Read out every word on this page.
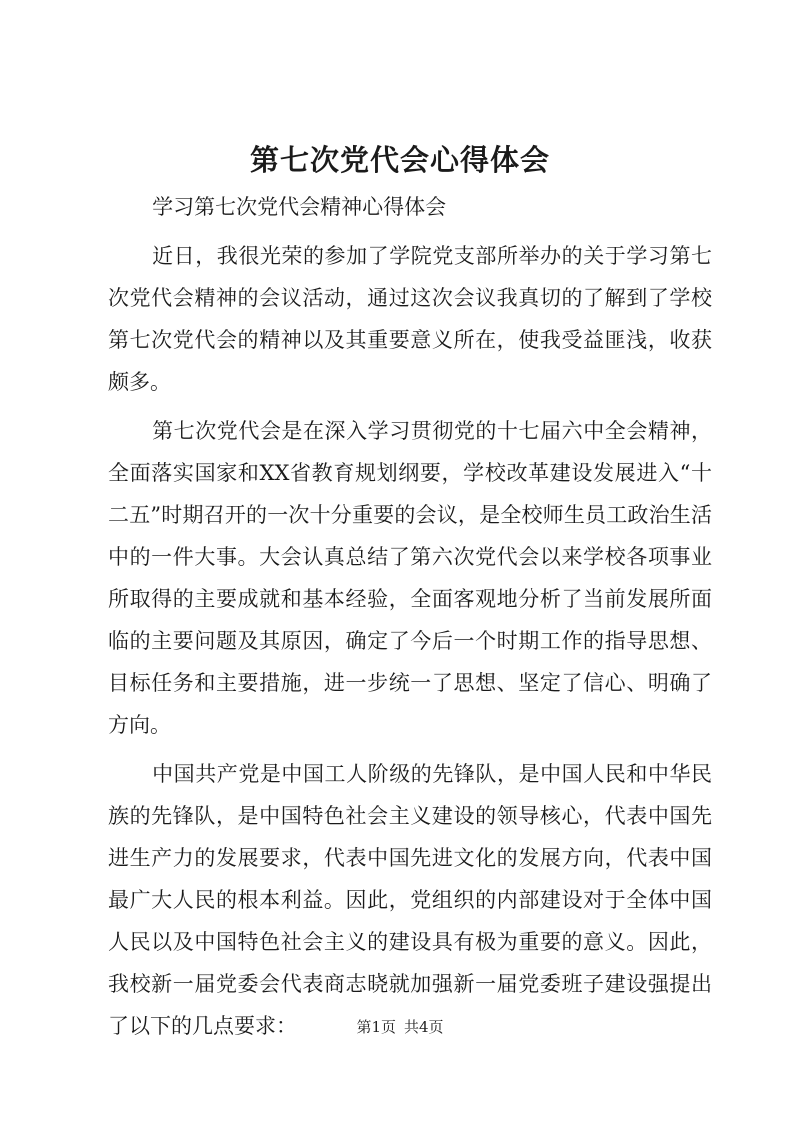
第七次党代会心得体会

学习第七次党代会精神心得体会

近日，我很光荣的参加了学院党支部所举办的关于学习第七次党代会精神的会议活动，通过这次会议我真切的了解到了学校第七次党代会的精神以及其重要意义所在，使我受益匪浅，收获颇多。

第七次党代会是在深入学习贯彻党的十七届六中全会精神，全面落实国家和XX省教育规划纲要，学校改革建设发展进入“十二五”时期召开的一次十分重要的会议，是全校师生员工政治生活中的一件大事。大会认真总结了第六次党代会以来学校各项事业所取得的主要成就和基本经验，全面客观地分析了当前发展所面临的主要问题及其原因，确定了今后一个时期工作的指导思想、目标任务和主要措施，进一步统一了思想、坚定了信心、明确了方向。

中国共产党是中国工人阶级的先锋队，是中国人民和中华民族的先锋队，是中国特色社会主义建设的领导核心，代表中国先进生产力的发展要求，代表中国先进文化的发展方向，代表中国最广大人民的根本利益。因此，党组织的内部建设对于全体中国人民以及中国特色社会主义的建设具有极为重要的意义。因此，我校新一届党委会代表商志晓就加强新一届党委班子建设强提出了以下的几点要求：	第1页 共4页
